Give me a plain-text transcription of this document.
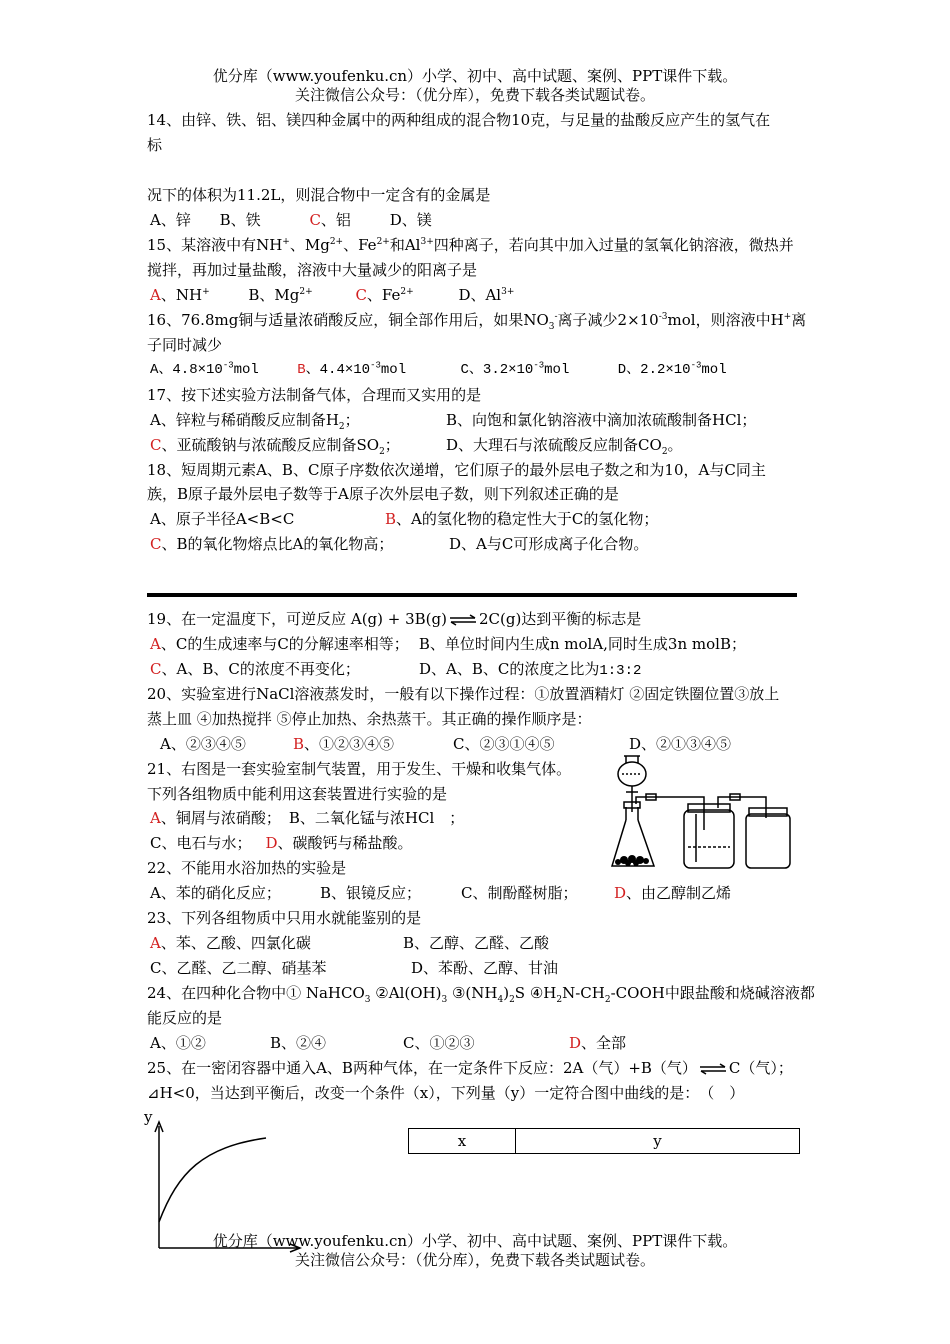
优分库（www.youfenku.cn）小学、初中、高中试题、案例、PPT课件下载。
关注微信公众号：（优分库），免费下载各类试题试卷。
14、由锌、铁、铝、镁四种金属中的两种组成的混合物10克，与足量的盐酸反应产生的氢气在
标
况下的体积为11.2L，则混合物中一定含有的金属是
A、锌 B、铁	C、铝	D、镁
15、某溶液中有NH+、$Mg^{2+}$、$Fe^{2+}$和$Al^{3+}$四种离子，若向其中加入过量的氢氧化钠溶液，微热并
搅拌，再加过量盐酸，溶液中大量减少的阳离子是
A、NH+	B、$Mg^{2+}$	C、$Fe^{2+}$	D、$Al^{3+}$
16、76.8mg铜与适量浓硝酸反应，铜全部作用后，如果$NO_3^-$离子减少$2\times 10^{-3}mol$，则溶液中H+离
子同时减少
A、$4.8\times 10^{-3}mol$	B、$4.4\times 10^{-3}mol$	C、$3.2\times 10^{-3}mol$	D、$2.2\times 10^{-3}mol$
17、按下述实验方法制备气体，合理而又实用的是
A、锌粒与稀硝酸反应制备$H_2$；	B、向饱和氯化钠溶液中滴加浓硫酸制备HCl；
C、亚硫酸钠与浓硫酸反应制备$SO_2$；	D、大理石与浓硫酸反应制备$CO_2$。
18、短周期元素A、B、C原子序数依次递增，它们原子的最外层电子数之和为10，A与C同主
族，B原子最外层电子数等于A原子次外层电子数，则下列叙述正确的是
A、原子半径A<B<C	B、A的氢化物的稳定性大于C的氢化物；
C、B的氧化物熔点比A的氧化物高；	D、A与C可形成离子化合物。
19、在一定温度下，可逆反应 A(g) + 3B(g)⇌2C(g)达到平衡的标志是
A、C的生成速率与C的分解速率相等； B、单位时间内生成n molA,同时生成3n molB；
C、A、B、C的浓度不再变化；	D、A、B、C的浓度之比为1:3:2
20、实验室进行NaCl溶液蒸发时，一般有以下操作过程：①放置酒精灯 ②固定铁圈位置③放上
蒸上皿 ④加热搅拌 ⑤停止加热、余热蒸干。其正确的操作顺序是：
A、②③④⑤	B、①②③④⑤	C、②③①④⑤	D、②①③④⑤
21、右图是一套实验室制气装置，用于发生、干燥和收集气体。
下列各组物质中能利用这套装置进行实验的是
A、铜屑与浓硝酸； B、二氧化锰与浓HCl　；
C、电石与水； D、碳酸钙与稀盐酸。
22、不能用水浴加热的实验是
A、苯的硝化反应；	B、银镜反应；	C、制酚醛树脂； D、由乙醇制乙烯
23、下列各组物质中只用水就能鉴别的是
A、苯、乙酸、四氯化碳	B、乙醇、乙醛、乙酸
C、乙醛、乙二醇、硝基苯	D、苯酚、乙醇、甘油
24、在四种化合物中① NaHCO$_3$ $②Al(OH)_3$ $③(NH_4)_2S$ $④H_2N-CH_2$-COOH中跟盐酸和烧碱溶液都
能反应的是
A、①②	B、②④	C、①②③	D、全部
25、在一密闭容器中通入A、B两种气体，在一定条件下反应：2A（气）+B（气）⇌C（气）；
⊿H<0，当达到平衡后，改变一个条件（x），下列量（y）一定符合图中曲线的是：　（　）
y
x	y
优分库（www.youfenku.cn）小学、初中、高中试题、案例、PPT课件下载。
关注微信公众号：（优分库），免费下载各类试题试卷。
